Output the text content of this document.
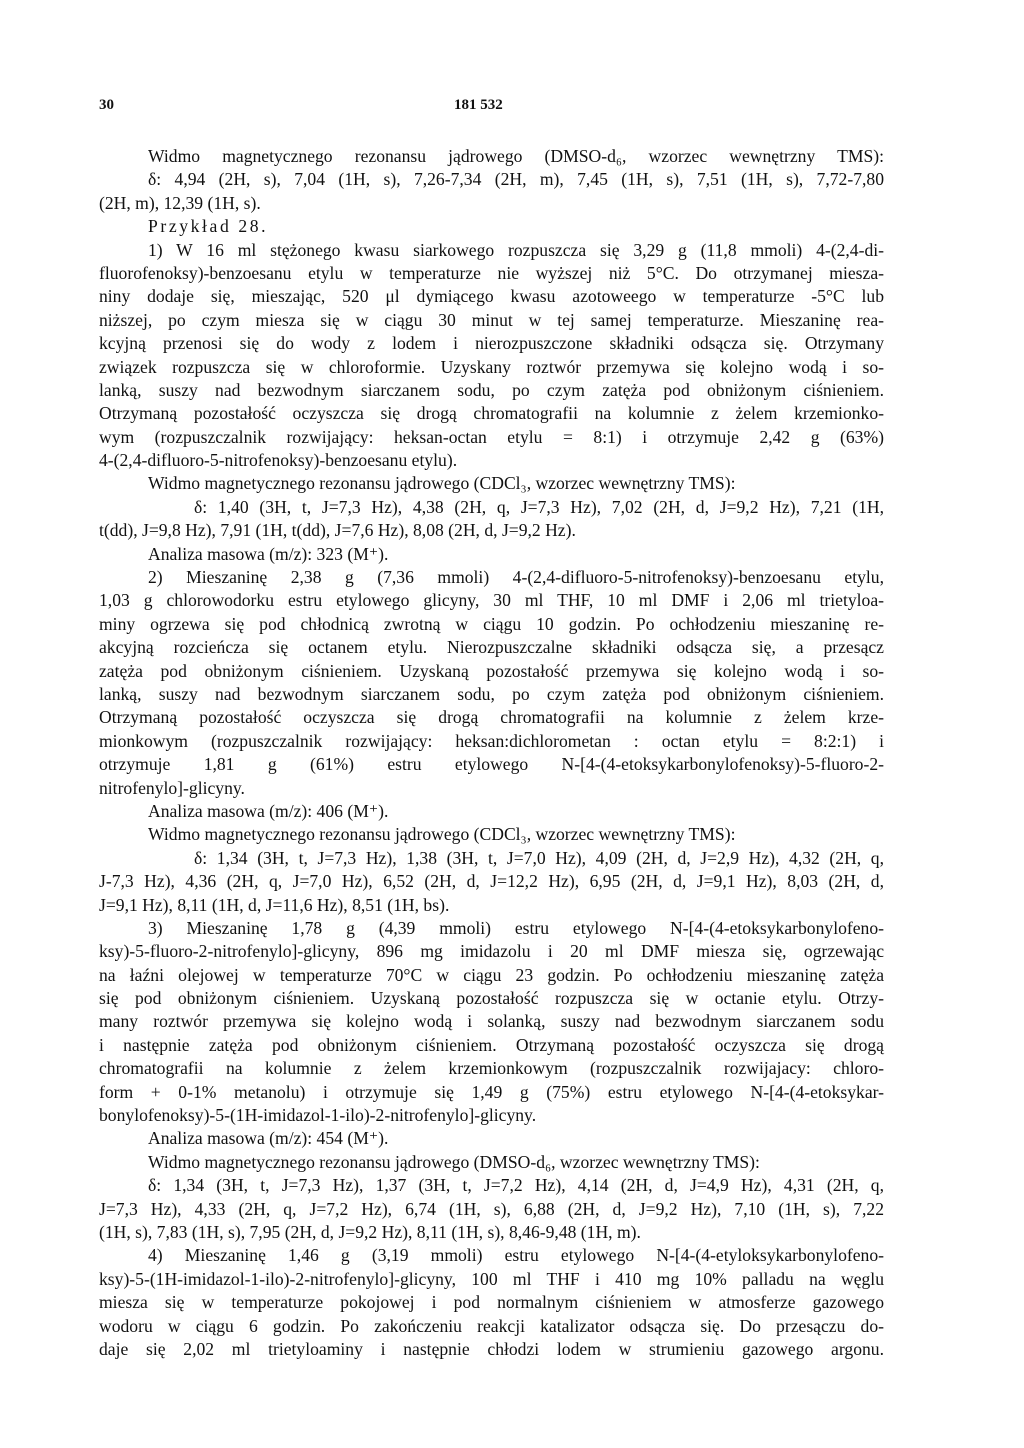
30	181 532
Widmo magnetycznego rezonansu jądrowego (DMSO-d₆, wzorzec wewnętrzny TMS):
δ: 4,94 (2H, s), 7,04 (1H, s), 7,26-7,34 (2H, m), 7,45 (1H, s), 7,51 (1H, s), 7,72-7,80
(2H, m), 12,39 (1H, s).
Przykład 28.
1) W 16 ml stężonego kwasu siarkowego rozpuszcza się 3,29 g (11,8 mmoli) 4-(2,4-di-
fluorofenoksy)-benzoesanu etylu w temperaturze nie wyższej niż 5°C. Do otrzymanej miesza-
niny dodaje się, mieszając, 520 μl dymiącego kwasu azotoweego w temperaturze -5°C lub
niższej, po czym miesza się w ciągu 30 minut w tej samej temperaturze. Mieszaninę rea-
kcyjną przenosi się do wody z lodem i nierozpuszczone składniki odsącza się. Otrzymany
związek rozpuszcza się w chloroformie. Uzyskany roztwór przemywa się kolejno wodą i so-
lanką, suszy nad bezwodnym siarczanem sodu, po czym zatęża pod obniżonym ciśnieniem.
Otrzymaną pozostałość oczyszcza się drogą chromatografii na kolumnie z żelem krzemionko-
wym (rozpuszczalnik rozwijający: heksan-octan etylu = 8:1) i otrzymuje 2,42 g (63%)
4-(2,4-difluoro-5-nitrofenoksy)-benzoesanu etylu).
Widmo magnetycznego rezonansu jądrowego (CDCl₃, wzorzec wewnętrzny TMS):
δ: 1,40 (3H, t, J=7,3 Hz), 4,38 (2H, q, J=7,3 Hz), 7,02 (2H, d, J=9,2 Hz), 7,21 (1H,
t(dd), J=9,8 Hz), 7,91 (1H, t(dd), J=7,6 Hz), 8,08 (2H, d, J=9,2 Hz).
Analiza masowa (m/z): 323 (M⁺).
2) Mieszaninę 2,38 g (7,36 mmoli) 4-(2,4-difluoro-5-nitrofenoksy)-benzoesanu etylu,
1,03 g chlorowodorku estru etylowego glicyny, 30 ml THF, 10 ml DMF i 2,06 ml trietyloa-
miny ogrzewa się pod chłodnicą zwrotną w ciągu 10 godzin. Po ochłodzeniu mieszaninę re-
akcyjną rozcieńcza się octanem etylu. Nierozpuszczalne składniki odsącza się, a przesącz
zatęża pod obniżonym ciśnieniem. Uzyskaną pozostałość przemywa się kolejno wodą i so-
lanką, suszy nad bezwodnym siarczanem sodu, po czym zatęża pod obniżonym ciśnieniem.
Otrzymaną pozostałość oczyszcza się drogą chromatografii na kolumnie z żelem krze-
mionkowym (rozpuszczalnik rozwijający: heksan:dichlorometan : octan etylu = 8:2:1) i
otrzymuje 1,81 g (61%) estru etylowego N-[4-(4-etoksykarbonylofenoksy)-5-fluoro-2-
nitrofenylo]-glicyny.
Analiza masowa (m/z): 406 (M⁺).
Widmo magnetycznego rezonansu jądrowego (CDCl₃, wzorzec wewnętrzny TMS):
δ: 1,34 (3H, t, J=7,3 Hz), 1,38 (3H, t, J=7,0 Hz), 4,09 (2H, d, J=2,9 Hz), 4,32 (2H, q,
J-7,3 Hz), 4,36 (2H, q, J=7,0 Hz), 6,52 (2H, d, J=12,2 Hz), 6,95 (2H, d, J=9,1 Hz), 8,03 (2H, d,
J=9,1 Hz), 8,11 (1H, d, J=11,6 Hz), 8,51 (1H, bs).
3) Mieszaninę 1,78 g (4,39 mmoli) estru etylowego N-[4-(4-etoksykarbonylofeno-
ksy)-5-fluoro-2-nitrofenylo]-glicyny, 896 mg imidazolu i 20 ml DMF miesza się, ogrzewając
na łaźni olejowej w temperaturze 70°C w ciągu 23 godzin. Po ochłodzeniu mieszaninę zatęża
się pod obniżonym ciśnieniem. Uzyskaną pozostałość rozpuszcza się w octanie etylu. Otrzy-
many roztwór przemywa się kolejno wodą i solanką, suszy nad bezwodnym siarczanem sodu
i następnie zatęża pod obniżonym ciśnieniem. Otrzymaną pozostałość oczyszcza się drogą
chromatografii na kolumnie z żelem krzemionkowym (rozpuszczalnik rozwijajacy: chloro-
form + 0-1% metanolu) i otrzymuje się 1,49 g (75%) estru etylowego N-[4-(4-etoksykar-
bonylofenoksy)-5-(1H-imidazol-1-ilo)-2-nitrofenylo]-glicyny.
Analiza masowa (m/z): 454 (M⁺).
Widmo magnetycznego rezonansu jądrowego (DMSO-d₆, wzorzec wewnętrzny TMS):
δ: 1,34 (3H, t, J=7,3 Hz), 1,37 (3H, t, J=7,2 Hz), 4,14 (2H, d, J=4,9 Hz), 4,31 (2H, q,
J=7,3 Hz), 4,33 (2H, q, J=7,2 Hz), 6,74 (1H, s), 6,88 (2H, d, J=9,2 Hz), 7,10 (1H, s), 7,22
(1H, s), 7,83 (1H, s), 7,95 (2H, d, J=9,2 Hz), 8,11 (1H, s), 8,46-9,48 (1H, m).
4) Mieszaninę 1,46 g (3,19 mmoli) estru etylowego N-[4-(4-etyloksykarbonylofeno-
ksy)-5-(1H-imidazol-1-ilo)-2-nitrofenylo]-glicyny, 100 ml THF i 410 mg 10% palladu na węglu
miesza się w temperaturze pokojowej i pod normalnym ciśnieniem w atmosferze gazowego
wodoru w ciągu 6 godzin. Po zakończeniu reakcji katalizator odsącza się. Do przesączu do-
daje się 2,02 ml trietyloaminy i następnie chłodzi lodem w strumieniu gazowego argonu.
